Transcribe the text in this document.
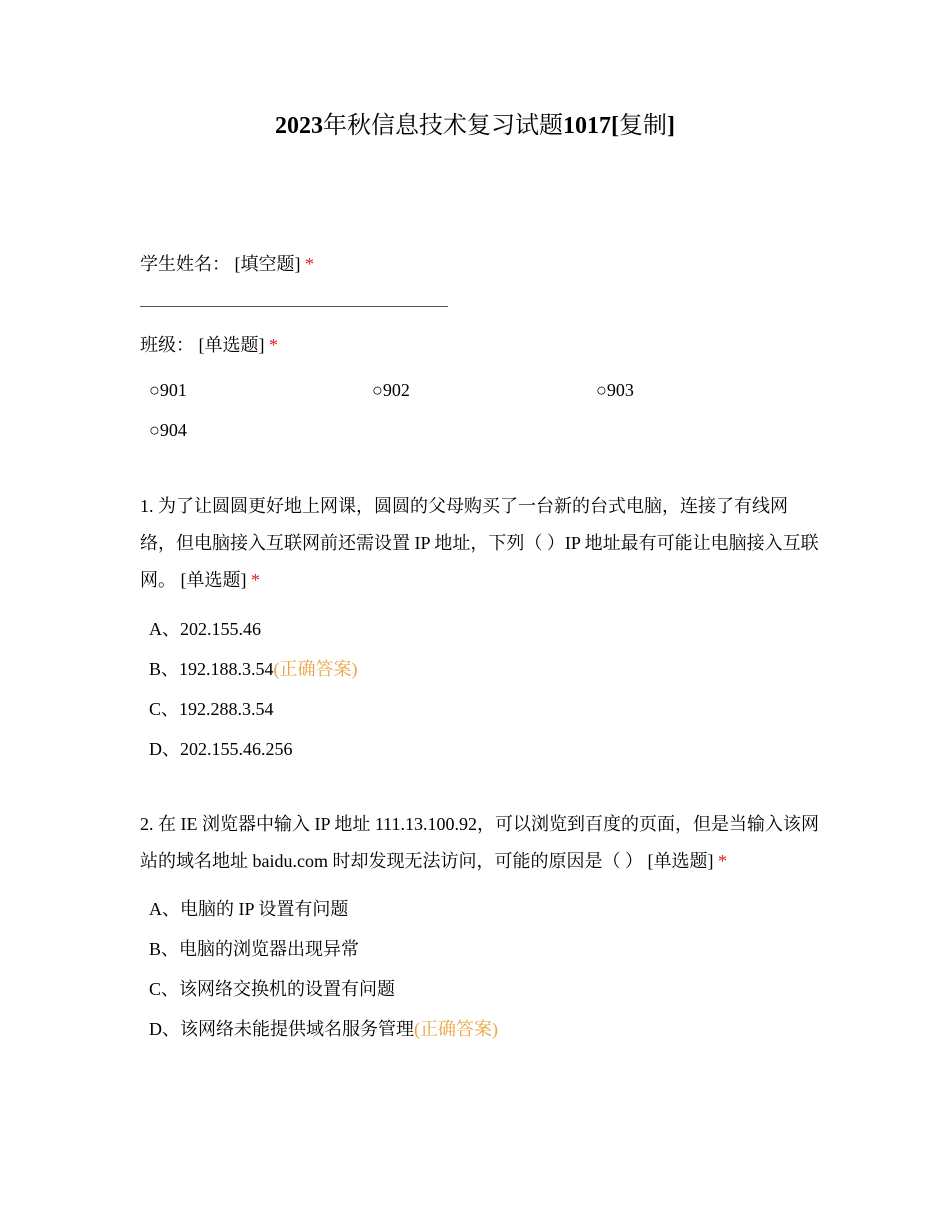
2023年秋信息技术复习试题1017[复制]
学生姓名： [填空题] *
班级： [单选题] *
○901	○902	○903
○904
1. 为了让圆圆更好地上网课，圆圆的父母购买了一台新的台式电脑，连接了有线网络，但电脑接入互联网前还需设置 IP 地址，下列（ ）IP 地址最有可能让电脑接入互联网。 [单选题] *
A、202.155.46
B、192.188.3.54(正确答案)
C、192.288.3.54
D、202.155.46.256
2. 在 IE 浏览器中输入 IP 地址 111.13.100.92，可以浏览到百度的页面，但是当输入该网站的域名地址 baidu.com 时却发现无法访问，可能的原因是（ ） [单选题] *
A、电脑的 IP 设置有问题
B、电脑的浏览器出现异常
C、该网络交换机的设置有问题
D、该网络未能提供域名服务管理(正确答案)
